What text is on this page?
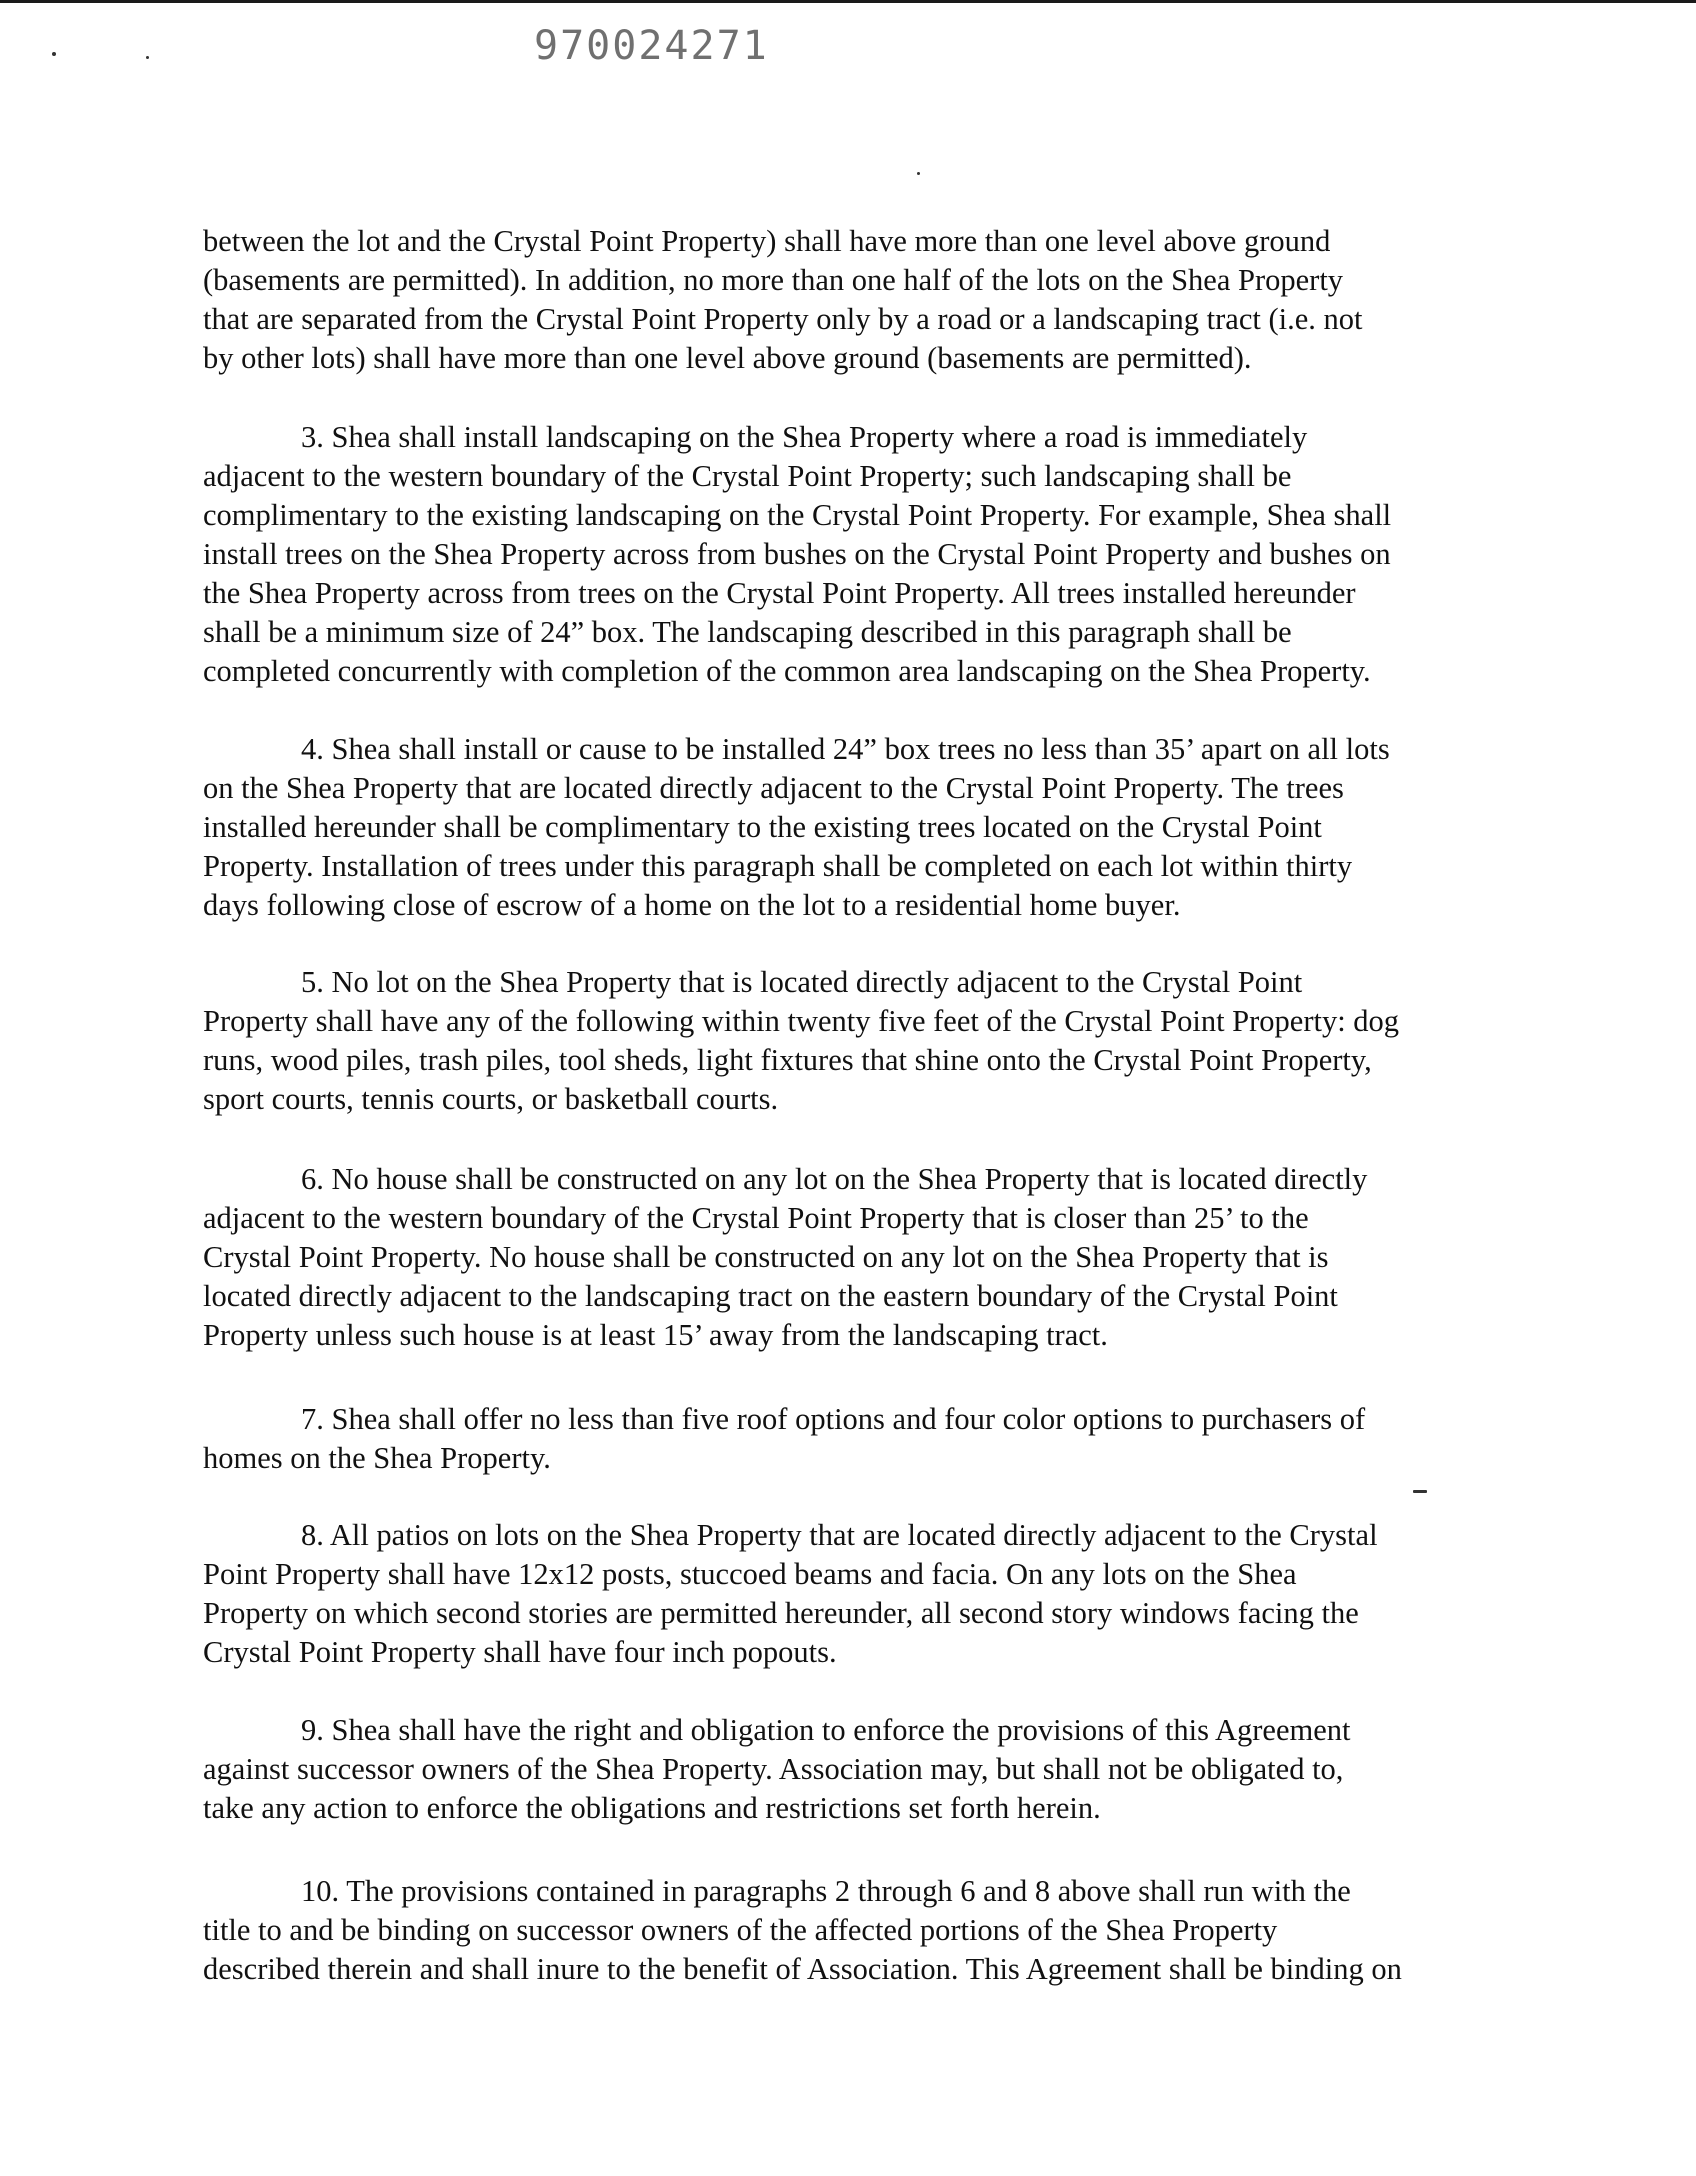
970024271

between the lot and the Crystal Point Property) shall have more than one level above ground
(basements are permitted). In addition, no more than one half of the lots on the Shea Property
that are separated from the Crystal Point Property only by a road or a landscaping tract (i.e. not
by other lots) shall have more than one level above ground (basements are permitted).

3. Shea shall install landscaping on the Shea Property where a road is immediately
adjacent to the western boundary of the Crystal Point Property; such landscaping shall be
complimentary to the existing landscaping on the Crystal Point Property. For example, Shea shall
install trees on the Shea Property across from bushes on the Crystal Point Property and bushes on
the Shea Property across from trees on the Crystal Point Property. All trees installed hereunder
shall be a minimum size of 24” box. The landscaping described in this paragraph shall be
completed concurrently with completion of the common area landscaping on the Shea Property.

4. Shea shall install or cause to be installed 24” box trees no less than 35’ apart on all lots
on the Shea Property that are located directly adjacent to the Crystal Point Property. The trees
installed hereunder shall be complimentary to the existing trees located on the Crystal Point
Property. Installation of trees under this paragraph shall be completed on each lot within thirty
days following close of escrow of a home on the lot to a residential home buyer.

5. No lot on the Shea Property that is located directly adjacent to the Crystal Point
Property shall have any of the following within twenty five feet of the Crystal Point Property: dog
runs, wood piles, trash piles, tool sheds, light fixtures that shine onto the Crystal Point Property,
sport courts, tennis courts, or basketball courts.

6. No house shall be constructed on any lot on the Shea Property that is located directly
adjacent to the western boundary of the Crystal Point Property that is closer than 25’ to the
Crystal Point Property. No house shall be constructed on any lot on the Shea Property that is
located directly adjacent to the landscaping tract on the eastern boundary of the Crystal Point
Property unless such house is at least 15’ away from the landscaping tract.

7. Shea shall offer no less than five roof options and four color options to purchasers of
homes on the Shea Property.

8. All patios on lots on the Shea Property that are located directly adjacent to the Crystal
Point Property shall have 12x12 posts, stuccoed beams and facia. On any lots on the Shea
Property on which second stories are permitted hereunder, all second story windows facing the
Crystal Point Property shall have four inch popouts.

9. Shea shall have the right and obligation to enforce the provisions of this Agreement
against successor owners of the Shea Property. Association may, but shall not be obligated to,
take any action to enforce the obligations and restrictions set forth herein.

10. The provisions contained in paragraphs 2 through 6 and 8 above shall run with the
title to and be binding on successor owners of the affected portions of the Shea Property
described therein and shall inure to the benefit of Association. This Agreement shall be binding on
